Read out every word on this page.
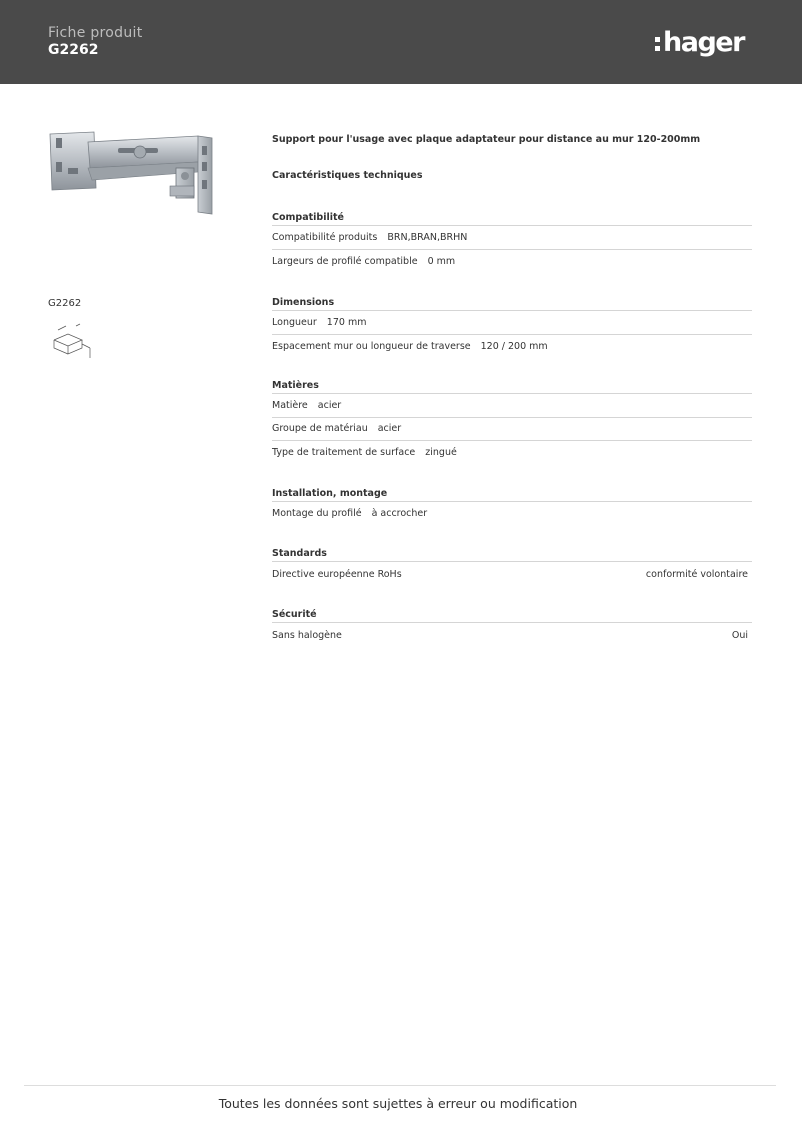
Fiche produit
G2262	hager
G2262
Support pour l'usage avec plaque adaptateur pour distance au mur 120-200mm
Caractéristiques techniques
Compatibilité
Compatibilité produits BRN,BRAN,BRHN
Largeurs de profilé compatible 0 mm
Dimensions
Longueur 170 mm
Espacement mur ou longueur de traverse 120 / 200 mm
Matières
Matière acier
Groupe de matériau acier
Type de traitement de surface zingué
Installation, montage
Montage du profilé à accrocher
Standards
Directive européenne RoHs	conformité volontaire
Sécurité
Sans halogène	Oui
Toutes les données sont sujettes à erreur ou modification
